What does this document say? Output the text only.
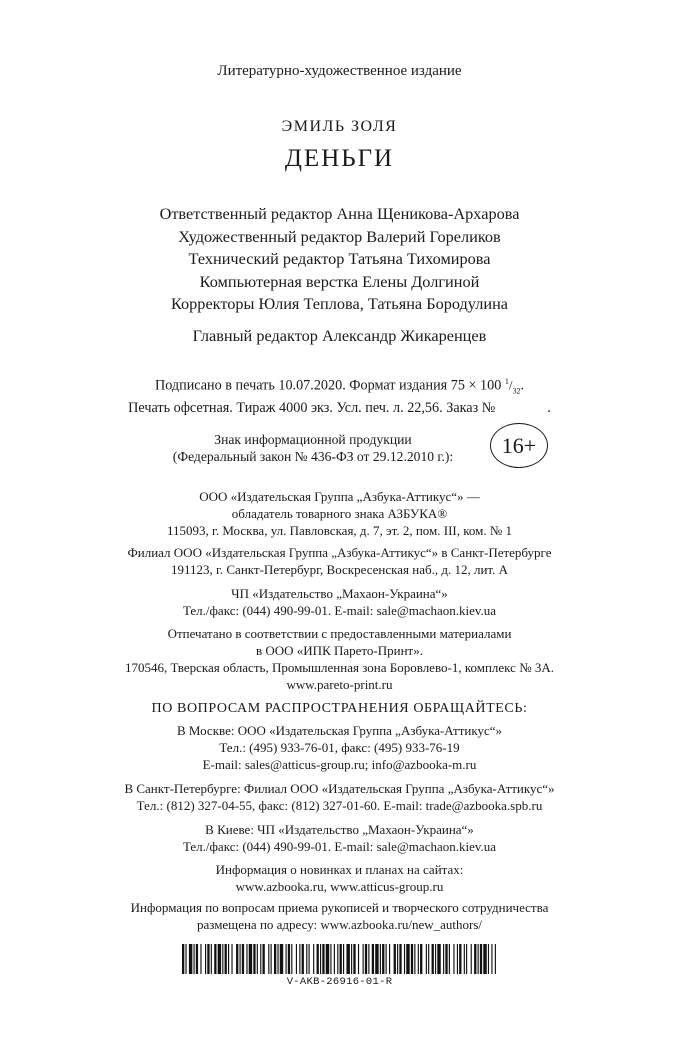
Литературно-художественное издание
ЭМИЛЬ ЗОЛЯ
ДЕНЬГИ
Ответственный редактор Анна Щеникова-Архарова
Художественный редактор Валерий Гореликов
Технический редактор Татьяна Тихомирова
Компьютерная верстка Елены Долгиной
Корректоры Юлия Теплова, Татьяна Бородулина
Главный редактор Александр Жикаренцев
Подписано в печать 10.07.2020. Формат издания 75 × 100 $^1/_{32}$.
Печать офсетная. Тираж 4000 экз. Усл. печ. л. 22,56. Заказ №	.
Знак информационной продукции
(Федеральный закон № 436-ФЗ от 29.12.2010 г.):	16+
ООО «Издательская Группа „Азбука-Аттикус“» —
обладатель товарного знака АЗБУКА®
115093, г. Москва, ул. Павловская, д. 7, эт. 2, пом. III, ком. № 1
Филиал ООО «Издательская Группа „Азбука-Аттикус“» в Санкт-Петербурге
191123, г. Санкт-Петербург, Воскресенская наб., д. 12, лит. А
ЧП «Издательство „Махаон-Украина“»
Тел./факс: (044) 490-99-01. E-mail: sale@machaon.kiev.ua
Отпечатано в соответствии с предоставленными материалами
в ООО «ИПК Парето-Принт».
170546, Тверская область, Промышленная зона Боровлево-1, комплекс № 3А.
www.pareto-print.ru
ПО ВОПРОСАМ РАСПРОСТРАНЕНИЯ ОБРАЩАЙТЕСЬ:
В Москве: ООО «Издательская Группа „Азбука-Аттикус“»
Тел.: (495) 933-76-01, факс: (495) 933-76-19
E-mail: sales@atticus-group.ru; info@azbooka-m.ru
В Санкт-Петербурге: Филиал ООО «Издательская Группа „Азбука-Аттикус“»
Тел.: (812) 327-04-55, факс: (812) 327-01-60. E-mail: trade@azbooka.spb.ru
В Киеве: ЧП «Издательство „Махаон-Украина“»
Тел./факс: (044) 490-99-01. E-mail: sale@machaon.kiev.ua
Информация о новинках и планах на сайтах:
www.azbooka.ru, www.atticus-group.ru
Информация по вопросам приема рукописей и творческого сотрудничества
размещена по адресу: www.azbooka.ru/new_authors/
V-AKB-26916-01-R
